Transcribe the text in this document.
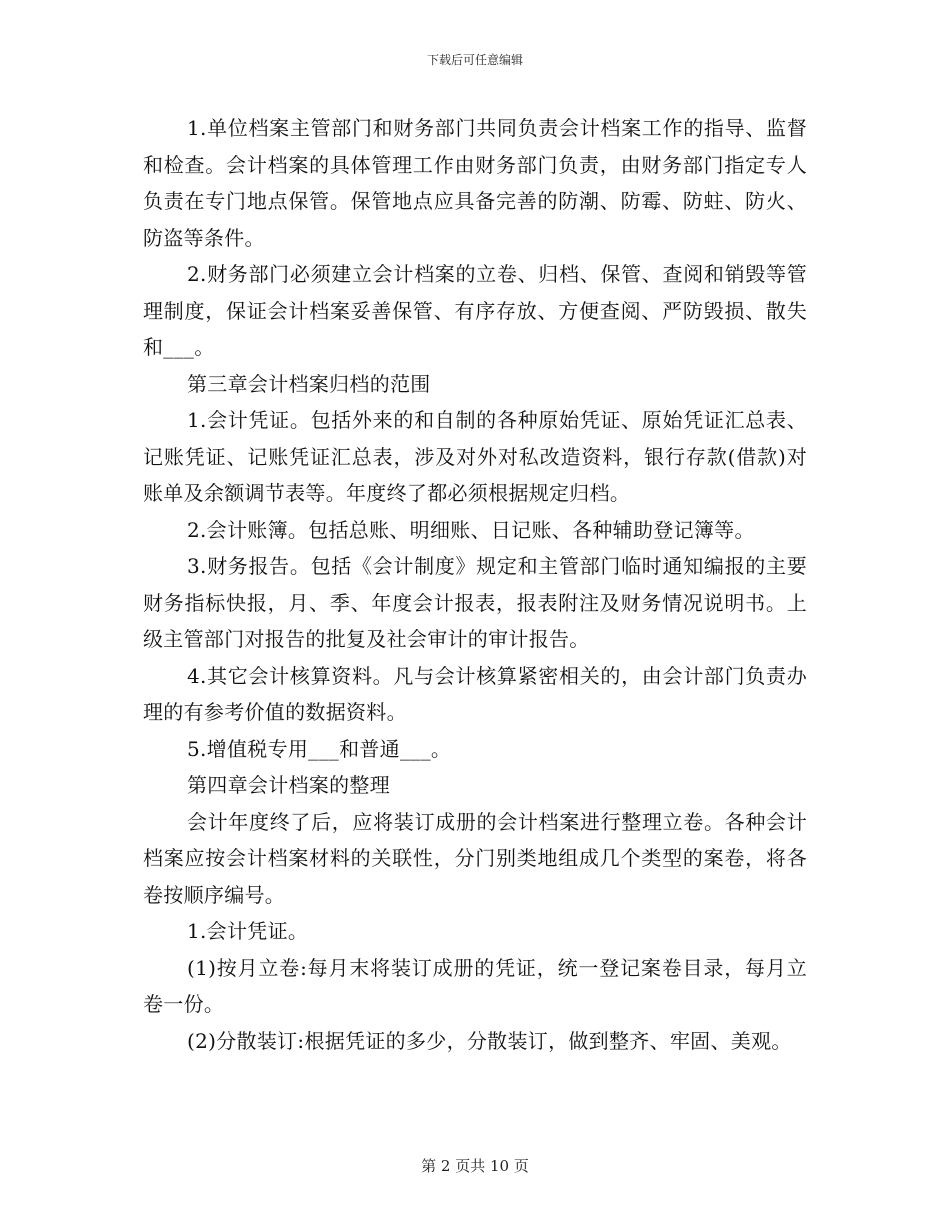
下载后可任意编辑

1.单位档案主管部门和财务部门共同负责会计档案工作的指导、监督和检查。会计档案的具体管理工作由财务部门负责，由财务部门指定专人负责在专门地点保管。保管地点应具备完善的防潮、防霉、防蛀、防火、防盗等条件。

2.财务部门必须建立会计档案的立卷、归档、保管、查阅和销毁等管理制度，保证会计档案妥善保管、有序存放、方便查阅、严防毁损、散失和___。

第三章会计档案归档的范围

1.会计凭证。包括外来的和自制的各种原始凭证、原始凭证汇总表、记账凭证、记账凭证汇总表，涉及对外对私改造资料，银行存款(借款)对账单及余额调节表等。年度终了都必须根据规定归档。

2.会计账簿。包括总账、明细账、日记账、各种辅助登记簿等。

3.财务报告。包括《会计制度》规定和主管部门临时通知编报的主要财务指标快报，月、季、年度会计报表，报表附注及财务情况说明书。上级主管部门对报告的批复及社会审计的审计报告。

4.其它会计核算资料。凡与会计核算紧密相关的，由会计部门负责办理的有参考价值的数据资料。

5.增值税专用___和普通___。

第四章会计档案的整理

会计年度终了后，应将装订成册的会计档案进行整理立卷。各种会计档案应按会计档案材料的关联性，分门别类地组成几个类型的案卷，将各卷按顺序编号。

1.会计凭证。

(1)按月立卷:每月末将装订成册的凭证，统一登记案卷目录，每月立卷一份。

(2)分散装订:根据凭证的多少，分散装订，做到整齐、牢固、美观。

第 2 页共 10 页
